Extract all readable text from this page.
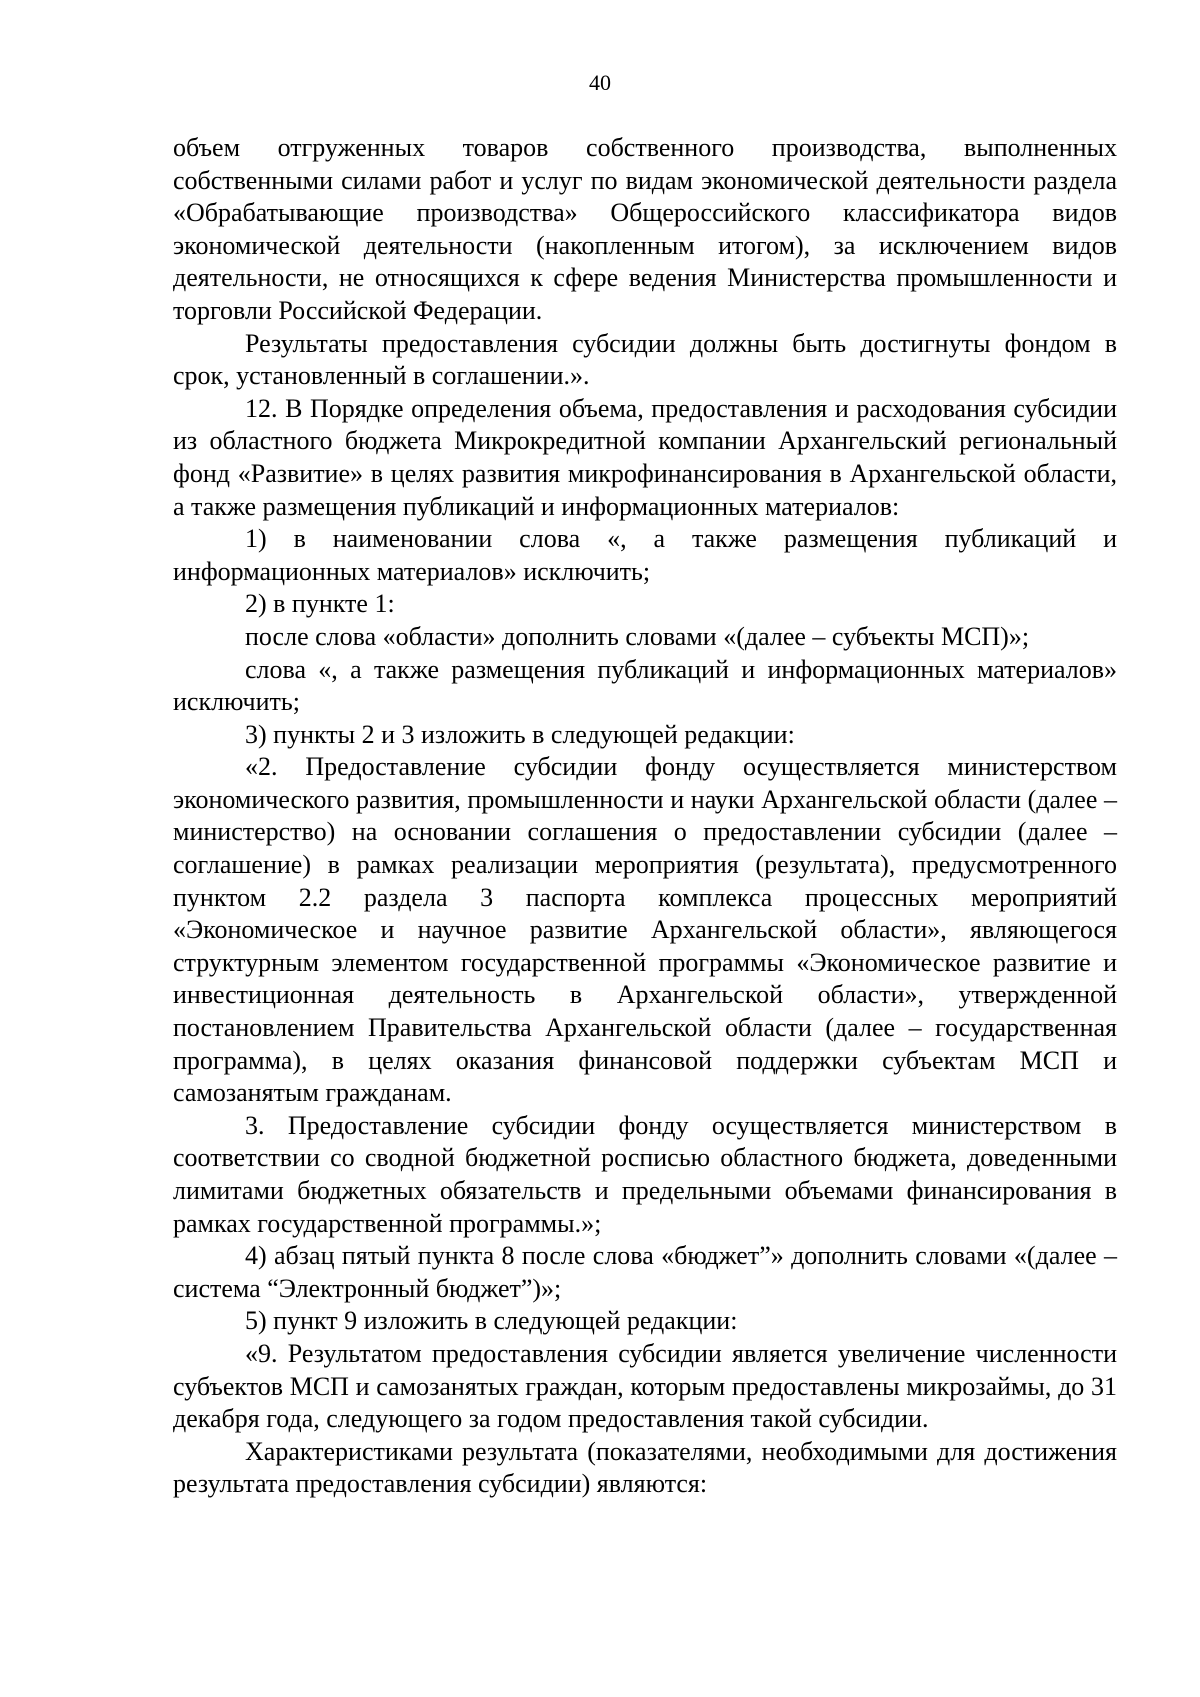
40

объем отгруженных товаров собственного производства, выполненных собственными силами работ и услуг по видам экономической деятельности раздела «Обрабатывающие производства» Общероссийского классификатора видов экономической деятельности (накопленным итогом), за исключением видов деятельности, не относящихся к сфере ведения Министерства промышленности и торговли Российской Федерации.

Результаты предоставления субсидии должны быть достигнуты фондом в срок, установленный в соглашении.».

12. В Порядке определения объема, предоставления и расходования субсидии из областного бюджета Микрокредитной компании Архангельский региональный фонд «Развитие» в целях развития микрофинансирования в Архангельской области, а также размещения публикаций и информационных материалов:

1) в наименовании слова «, а также размещения публикаций и информационных материалов» исключить;

2) в пункте 1:

после слова «области» дополнить словами «(далее – субъекты МСП)»;

слова «, а также размещения публикаций и информационных материалов» исключить;

3) пункты 2 и 3 изложить в следующей редакции:

«2. Предоставление субсидии фонду осуществляется министерством экономического развития, промышленности и науки Архангельской области (далее – министерство) на основании соглашения о предоставлении субсидии (далее – соглашение) в рамках реализации мероприятия (результата), предусмотренного пунктом 2.2 раздела 3 паспорта комплекса процессных мероприятий «Экономическое и научное развитие Архангельской области», являющегося структурным элементом государственной программы «Экономическое развитие и инвестиционная деятельность в Архангельской области», утвержденной постановлением Правительства Архангельской области (далее – государственная программа), в целях оказания финансовой поддержки субъектам МСП и самозанятым гражданам.

3. Предоставление субсидии фонду осуществляется министерством в соответствии со сводной бюджетной росписью областного бюджета, доведенными лимитами бюджетных обязательств и предельными объемами финансирования в рамках государственной программы.»;

4) абзац пятый пункта 8 после слова «бюджет”» дополнить словами «(далее – система “Электронный бюджет”)»;

5) пункт 9 изложить в следующей редакции:

«9. Результатом предоставления субсидии является увеличение численности субъектов МСП и самозанятых граждан, которым предоставлены микрозаймы, до 31 декабря года, следующего за годом предоставления такой субсидии.

Характеристиками результата (показателями, необходимыми для достижения результата предоставления субсидии) являются:
